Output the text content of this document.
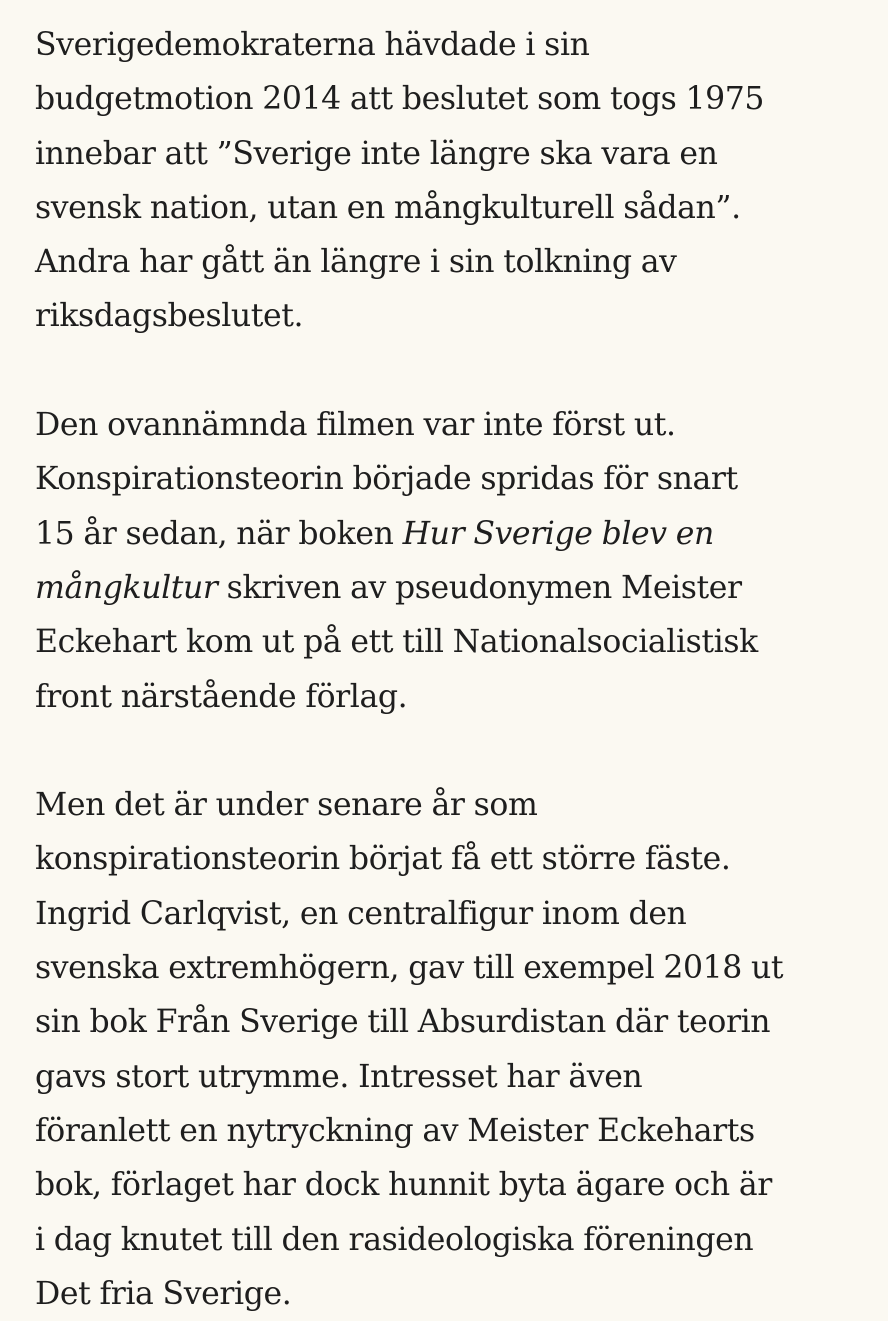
Sverigedemokraterna hävdade i sin
budgetmotion 2014 att beslutet som togs 1975
innebar att ”Sverige inte längre ska vara en
svensk nation, utan en mångkulturell sådan”.
Andra har gått än längre i sin tolkning av
riksdagsbeslutet.

Den ovannämnda filmen var inte först ut.
Konspirationsteorin började spridas för snart
15 år sedan, när boken Hur Sverige blev en
mångkultur skriven av pseudonymen Meister
Eckehart kom ut på ett till Nationalsocialistisk
front närstående förlag.

Men det är under senare år som
konspirationsteorin börjat få ett större fäste.
Ingrid Carlqvist, en centralfigur inom den
svenska extremhögern, gav till exempel 2018 ut
sin bok Från Sverige till Absurdistan där teorin
gavs stort utrymme. Intresset har även
föranlett en nytryckning av Meister Eckeharts
bok, förlaget har dock hunnit byta ägare och är
i dag knutet till den rasideologiska föreningen
Det fria Sverige.
